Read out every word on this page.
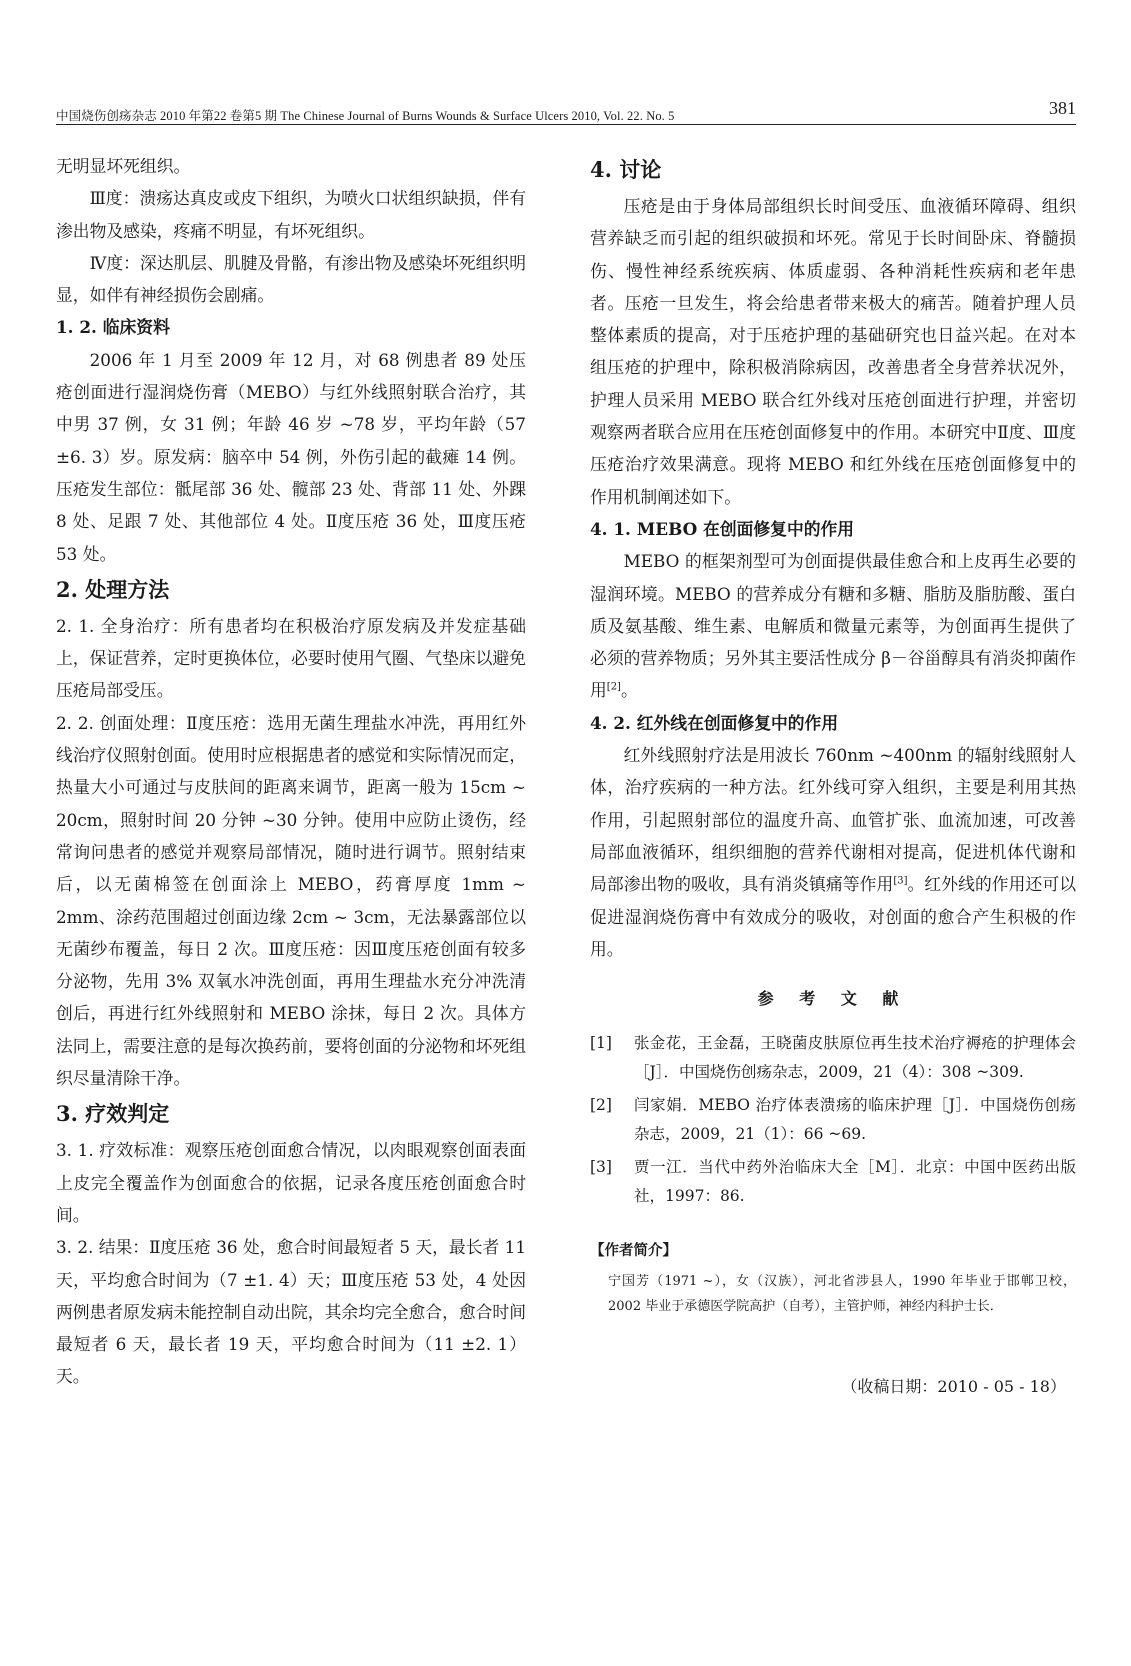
中国烧伤创疡杂志 2010 年第22 卷第5 期 The Chinese Journal of Burns Wounds & Surface Ulcers 2010, Vol. 22. No. 5	381

无明显坏死组织。

Ⅲ度：溃疡达真皮或皮下组织，为喷火口状组织缺损，伴有渗出物及感染，疼痛不明显，有坏死组织。

Ⅳ度：深达肌层、肌腱及骨骼，有渗出物及感染坏死组织明显，如伴有神经损伤会剧痛。

1. 2. 临床资料

2006 年 1 月至 2009 年 12 月，对 68 例患者 89 处压疮创面进行湿润烧伤膏（MEBO）与红外线照射联合治疗，其中男 37 例，女 31 例；年龄 46 岁 ~78 岁，平均年龄（57 ±6. 3）岁。原发病：脑卒中 54 例，外伤引起的截瘫 14 例。压疮发生部位：骶尾部 36 处、髋部 23 处、背部 11 处、外踝 8 处、足跟 7 处、其他部位 4 处。Ⅱ度压疮 36 处，Ⅲ度压疮 53 处。

2. 处理方法

2. 1. 全身治疗：所有患者均在积极治疗原发病及并发症基础上，保证营养，定时更换体位，必要时使用气圈、气垫床以避免压疮局部受压。

2. 2. 创面处理：Ⅱ度压疮：选用无菌生理盐水冲洗，再用红外线治疗仪照射创面。使用时应根据患者的感觉和实际情况而定，热量大小可通过与皮肤间的距离来调节，距离一般为 15cm ~ 20cm，照射时间 20 分钟 ~30 分钟。使用中应防止烫伤，经常询问患者的感觉并观察局部情况，随时进行调节。照射结束后，以无菌棉签在创面涂上 MEBO，药膏厚度 1mm ~ 2mm、涂药范围超过创面边缘 2cm ~ 3cm，无法暴露部位以无菌纱布覆盖，每日 2 次。Ⅲ度压疮：因Ⅲ度压疮创面有较多分泌物，先用 3% 双氧水冲洗创面，再用生理盐水充分冲洗清创后，再进行红外线照射和 MEBO 涂抹，每日 2 次。具体方法同上，需要注意的是每次换药前，要将创面的分泌物和坏死组织尽量清除干净。

3. 疗效判定

3. 1. 疗效标准：观察压疮创面愈合情况，以肉眼观察创面表面上皮完全覆盖作为创面愈合的依据，记录各度压疮创面愈合时间。

3. 2. 结果：Ⅱ度压疮 36 处，愈合时间最短者 5 天，最长者 11 天，平均愈合时间为（7 ±1. 4）天；Ⅲ度压疮 53 处，4 处因两例患者原发病未能控制自动出院，其余均完全愈合，愈合时间最短者 6 天，最长者 19 天，平均愈合时间为（11 ±2. 1）天。

4. 讨论

压疮是由于身体局部组织长时间受压、血液循环障碍、组织营养缺乏而引起的组织破损和坏死。常见于长时间卧床、脊髓损伤、慢性神经系统疾病、体质虚弱、各种消耗性疾病和老年患者。压疮一旦发生，将会给患者带来极大的痛苦。随着护理人员整体素质的提高，对于压疮护理的基础研究也日益兴起。在对本组压疮的护理中，除积极消除病因，改善患者全身营养状况外，护理人员采用 MEBO 联合红外线对压疮创面进行护理，并密切观察两者联合应用在压疮创面修复中的作用。本研究中Ⅱ度、Ⅲ度压疮治疗效果满意。现将 MEBO 和红外线在压疮创面修复中的作用机制阐述如下。

4. 1. MEBO 在创面修复中的作用

MEBO 的框架剂型可为创面提供最佳愈合和上皮再生必要的湿润环境。MEBO 的营养成分有糖和多糖、脂肪及脂肪酸、蛋白质及氨基酸、维生素、电解质和微量元素等，为创面再生提供了必须的营养物质；另外其主要活性成分 β－谷甾醇具有消炎抑菌作用[2]。

4. 2. 红外线在创面修复中的作用

红外线照射疗法是用波长 760nm ~400nm 的辐射线照射人体，治疗疾病的一种方法。红外线可穿入组织，主要是利用其热作用，引起照射部位的温度升高、血管扩张、血流加速，可改善局部血液循环，组织细胞的营养代谢相对提高，促进机体代谢和局部渗出物的吸收，具有消炎镇痛等作用[3]。红外线的作用还可以促进湿润烧伤膏中有效成分的吸收，对创面的愈合产生积极的作用。

参 考 文 献
[1]	张金花，王金磊，王晓菌皮肤原位再生技术治疗褥疮的护理体会［J］．中国烧伤创疡杂志，2009，21（4）：308 ~309.
[2]	闫家娟．MEBO 治疗体表溃疡的临床护理［J］．中国烧伤创疡杂志，2009，21（1）：66 ~69.
[3]	贾一江．当代中药外治临床大全［M］．北京：中国中医药出版社，1997：86.
【作者简介】
宁国芳（1971 ~），女（汉族），河北省涉县人，1990 年毕业于邯郸卫校，2002 毕业于承德医学院高护（自考），主管护师，神经内科护士长．
（收稿日期：2010 - 05 - 18）
